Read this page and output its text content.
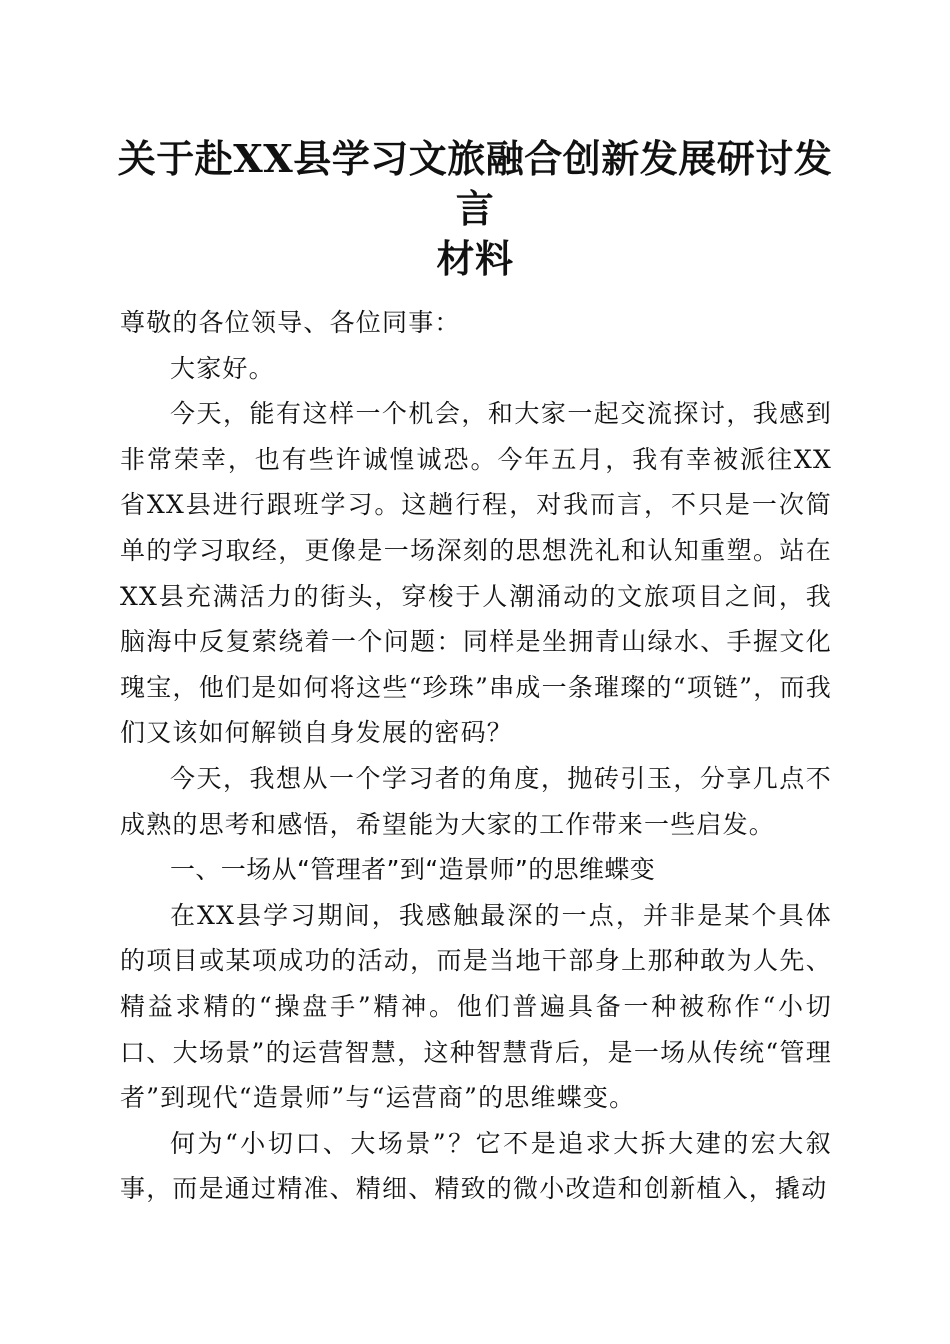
关于赴XX县学习文旅融合创新发展研讨发言
材料

尊敬的各位领导、各位同事：

大家好。

今天，能有这样一个机会，和大家一起交流探讨，我感到非常荣幸，也有些许诚惶诚恐。今年五月，我有幸被派往XX省XX县进行跟班学习。这趟行程，对我而言，不只是一次简单的学习取经，更像是一场深刻的思想洗礼和认知重塑。站在XX县充满活力的街头，穿梭于人潮涌动的文旅项目之间，我脑海中反复萦绕着一个问题：同样是坐拥青山绿水、手握文化瑰宝，他们是如何将这些“珍珠”串成一条璀璨的“项链”，而我们又该如何解锁自身发展的密码？

今天，我想从一个学习者的角度，抛砖引玉，分享几点不成熟的思考和感悟，希望能为大家的工作带来一些启发。

一、一场从“管理者”到“造景师”的思维蝶变

在XX县学习期间，我感触最深的一点，并非是某个具体的项目或某项成功的活动，而是当地干部身上那种敢为人先、精益求精的“操盘手”精神。他们普遍具备一种被称作“小切口、大场景”的运营智慧，这种智慧背后，是一场从传统“管理者”到现代“造景师”与“运营商”的思维蝶变。

何为“小切口、大场景”？它不是追求大拆大建的宏大叙事，而是通过精准、精细、精致的微小改造和创新植入，撬动
